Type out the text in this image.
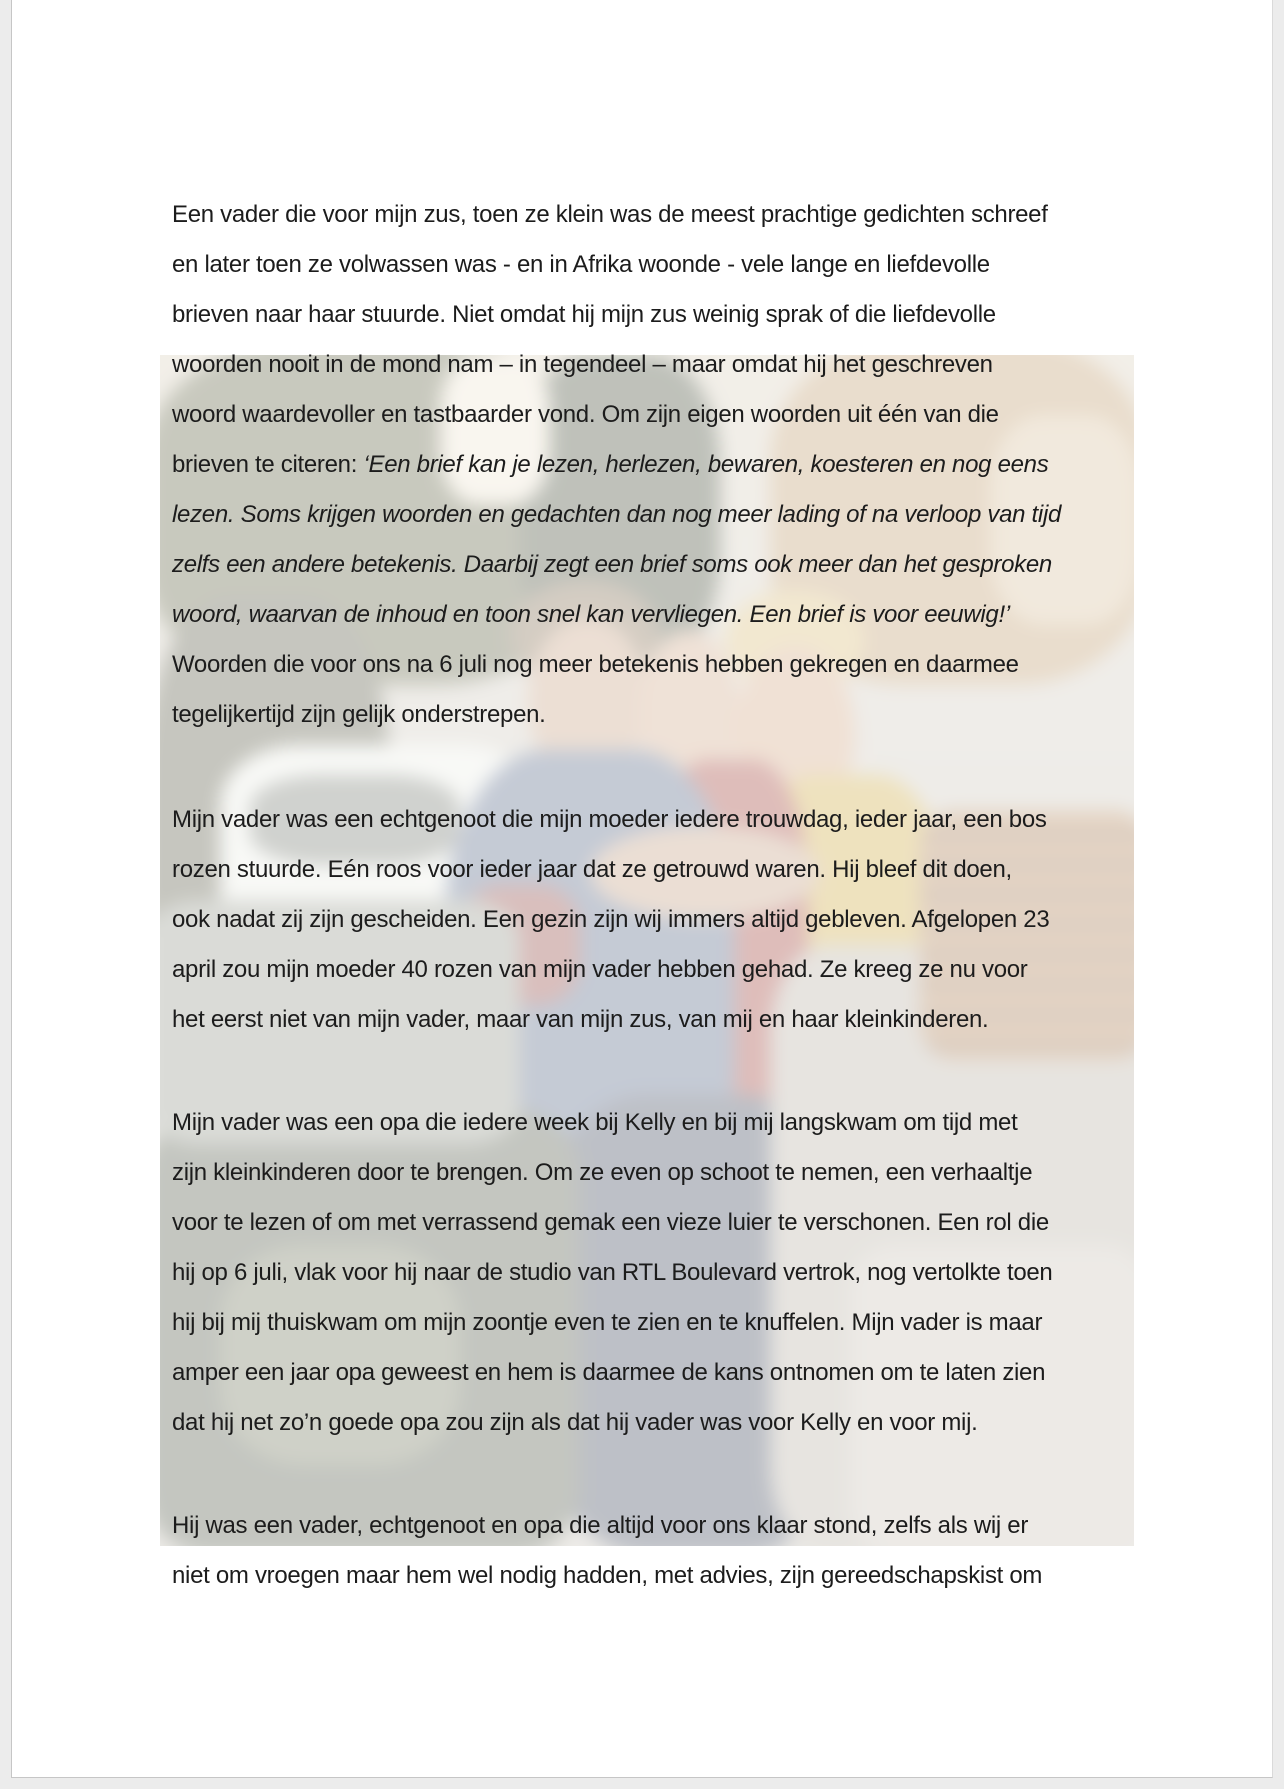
Een vader die voor mijn zus, toen ze klein was de meest prachtige gedichten schreef
en later toen ze volwassen was - en in Afrika woonde - vele lange en liefdevolle
brieven naar haar stuurde. Niet omdat hij mijn zus weinig sprak of die liefdevolle
woorden nooit in de mond nam – in tegendeel – maar omdat hij het geschreven
woord waardevoller en tastbaarder vond. Om zijn eigen woorden uit één van die
brieven te citeren: ‘Een brief kan je lezen, herlezen, bewaren, koesteren en nog eens
lezen. Soms krijgen woorden en gedachten dan nog meer lading of na verloop van tijd
zelfs een andere betekenis. Daarbij zegt een brief soms ook meer dan het gesproken
woord, waarvan de inhoud en toon snel kan vervliegen. Een brief is voor eeuwig!’
Woorden die voor ons na 6 juli nog meer betekenis hebben gekregen en daarmee
tegelijkertijd zijn gelijk onderstrepen.
Mijn vader was een echtgenoot die mijn moeder iedere trouwdag, ieder jaar, een bos
rozen stuurde. Eén roos voor ieder jaar dat ze getrouwd waren. Hij bleef dit doen,
ook nadat zij zijn gescheiden. Een gezin zijn wij immers altijd gebleven. Afgelopen 23
april zou mijn moeder 40 rozen van mijn vader hebben gehad. Ze kreeg ze nu voor
het eerst niet van mijn vader, maar van mijn zus, van mij en haar kleinkinderen.
Mijn vader was een opa die iedere week bij Kelly en bij mij langskwam om tijd met
zijn kleinkinderen door te brengen. Om ze even op schoot te nemen, een verhaaltje
voor te lezen of om met verrassend gemak een vieze luier te verschonen. Een rol die
hij op 6 juli, vlak voor hij naar de studio van RTL Boulevard vertrok, nog vertolkte toen
hij bij mij thuiskwam om mijn zoontje even te zien en te knuffelen. Mijn vader is maar
amper een jaar opa geweest en hem is daarmee de kans ontnomen om te laten zien
dat hij net zo’n goede opa zou zijn als dat hij vader was voor Kelly en voor mij.
Hij was een vader, echtgenoot en opa die altijd voor ons klaar stond, zelfs als wij er
niet om vroegen maar hem wel nodig hadden, met advies, zijn gereedschapskist om
